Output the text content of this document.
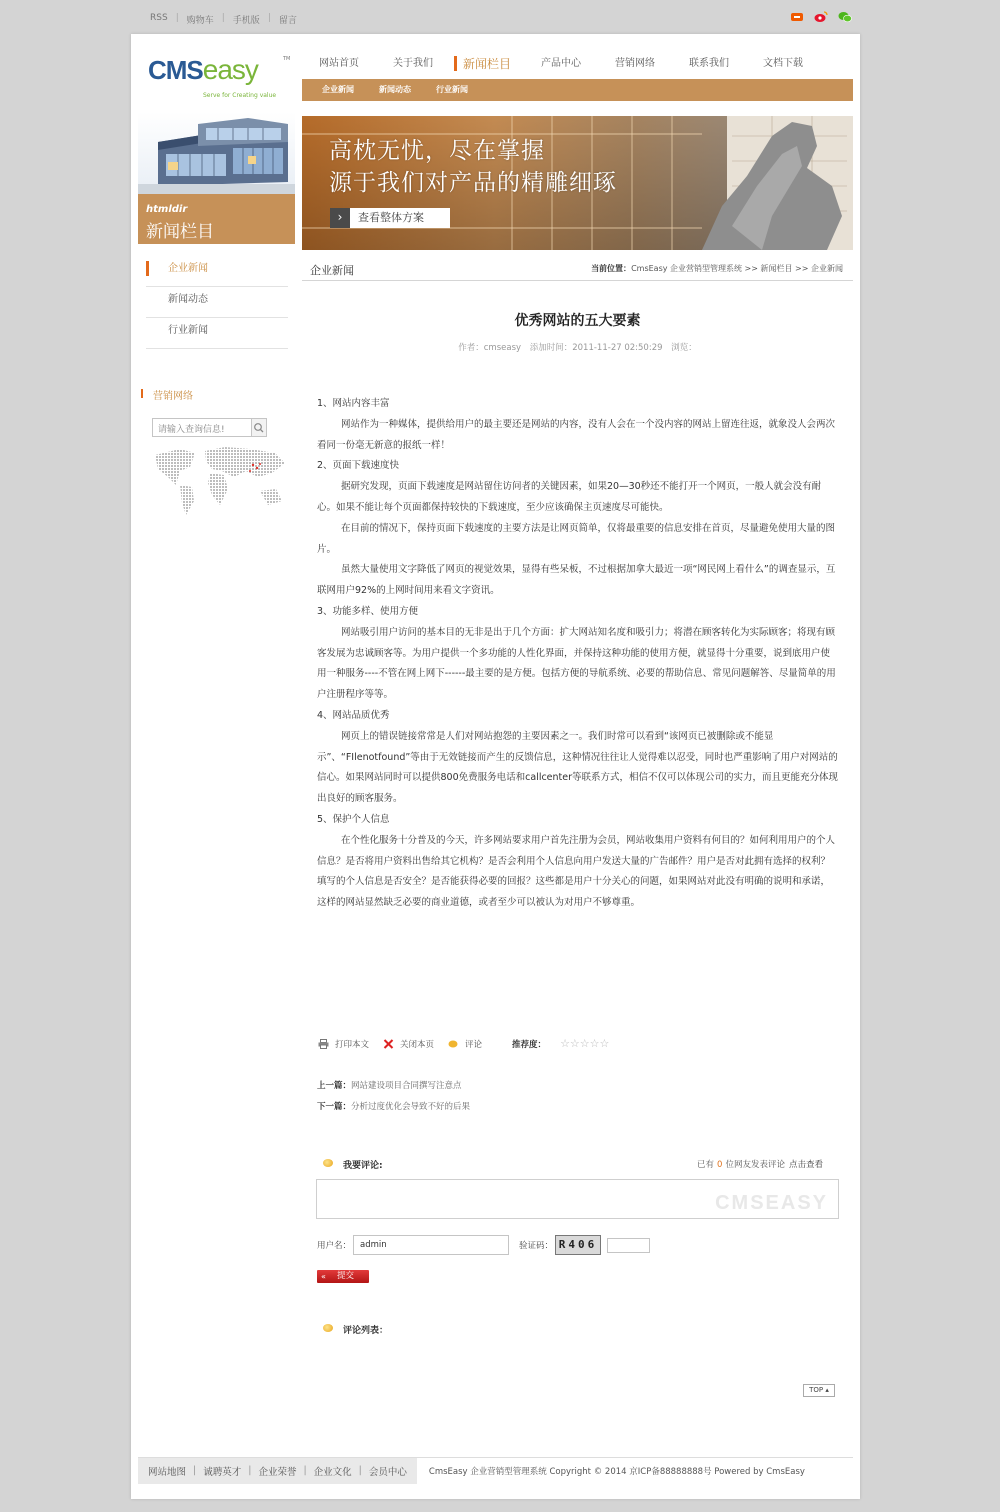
RSS | 购物车 | 手机版 | 留言
CMSeasy	TM
Serve for Creating value
网站首页	关于我们	新闻栏目	产品中心	营销网络	联系我们	文档下载
企业新闻	新闻动态	行业新闻
htmldir
新闻栏目
企业新闻
新闻动态
行业新闻
营销网络
请输入查询信息!
高枕无忧，尽在掌握
源于我们对产品的精雕细琢
›	查看整体方案
企业新闻	当前位置：CmsEasy 企业营销型管理系统 >> 新闻栏目 >> 企业新闻
优秀网站的五大要素
作者：cmseasy 添加时间：2011-11-27 02:50:29 浏览：

1、网站内容丰富

网站作为一种媒体，提供给用户的最主要还是网站的内容，没有人会在一个没内容的网站上留连往返，就象没人会两次看同一份毫无新意的报纸一样！

2、页面下载速度快

据研究发现，页面下载速度是网站留住访问者的关键因素，如果20—30秒还不能打开一个网页，一般人就会没有耐心。如果不能让每个页面都保持较快的下载速度，至少应该确保主页速度尽可能快。

在目前的情况下，保持页面下载速度的主要方法是让网页简单，仅将最重要的信息安排在首页，尽量避免使用大量的图片。

虽然大量使用文字降低了网页的视觉效果，显得有些呆板，不过根据加拿大最近一项“网民网上看什么”的调查显示，互联网用户92%的上网时间用来看文字资讯。

3、功能多样、使用方便

网站吸引用户访问的基本目的无非是出于几个方面：扩大网站知名度和吸引力；将潜在顾客转化为实际顾客；将现有顾客发展为忠诚顾客等。为用户提供一个多功能的人性化界面，并保持这种功能的使用方便，就显得十分重要，说到底用户使用一种服务----不管在网上网下------最主要的是方便。包括方便的导航系统、必要的帮助信息、常见问题解答、尽量简单的用户注册程序等等。

4、网站品质优秀

网页上的错误链接常常是人们对网站抱怨的主要因素之一。我们时常可以看到“该网页已被删除或不能显示”、“FIlenotfound”等由于无效链接而产生的反馈信息，这种情况往往让人觉得难以忍受，同时也严重影响了用户对网站的信心。如果网站同时可以提供800免费服务电话和callcenter等联系方式，相信不仅可以体现公司的实力，而且更能充分体现出良好的顾客服务。

5、保护个人信息

在个性化服务十分普及的今天，许多网站要求用户首先注册为会员，网站收集用户资料有何目的？如何利用用户的个人信息？是否将用户资料出售给其它机构？是否会利用个人信息向用户发送大量的广告邮件？用户是否对此拥有选择的权利？填写的个人信息是否安全？是否能获得必要的回报？这些都是用户十分关心的问题，如果网站对此没有明确的说明和承诺，这样的网站显然缺乏必要的商业道德，或者至少可以被认为对用户不够尊重。

打印本文	关闭本页	评论	推荐度： ☆☆☆☆☆
上一篇：网站建设项目合同撰写注意点
下一篇：分析过度优化会导致不好的后果
我要评论:	已有 0 位网友发表评论 点击查看
CMSEASY
用户名：	admin	验证码： R406
« 提交
评论列表：
TOP ▴
网站地图 | 诚聘英才 | 企业荣誉 | 企业文化 | 会员中心	CmsEasy 企业营销型管理系统 Copyright © 2014 京ICP备88888888号 Powered by CmsEasy
